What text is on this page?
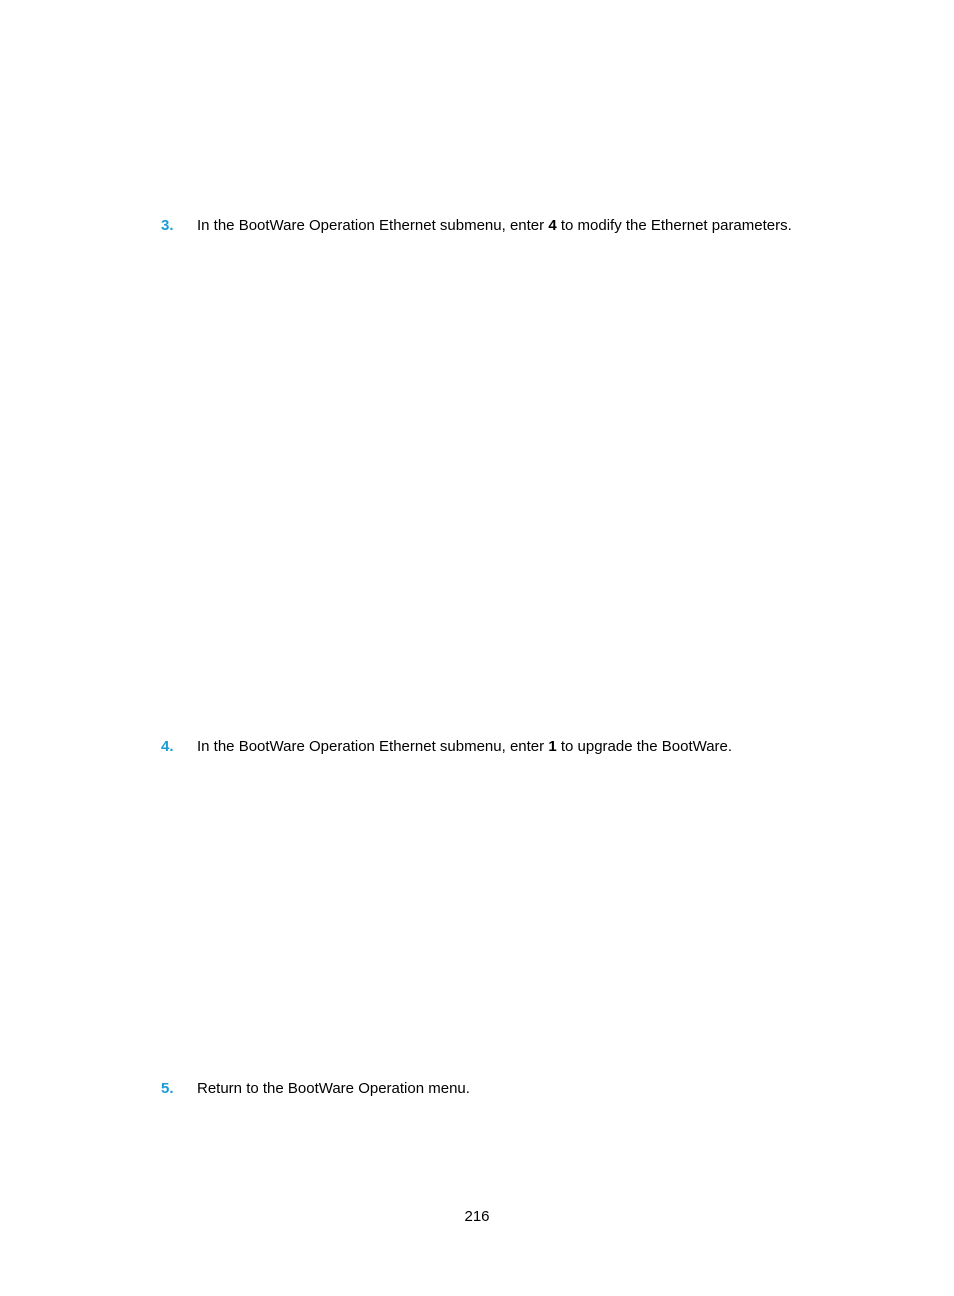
3. In the BootWare Operation Ethernet submenu, enter 4 to modify the Ethernet parameters.
4. In the BootWare Operation Ethernet submenu, enter 1 to upgrade the BootWare.
5. Return to the BootWare Operation menu.
216
